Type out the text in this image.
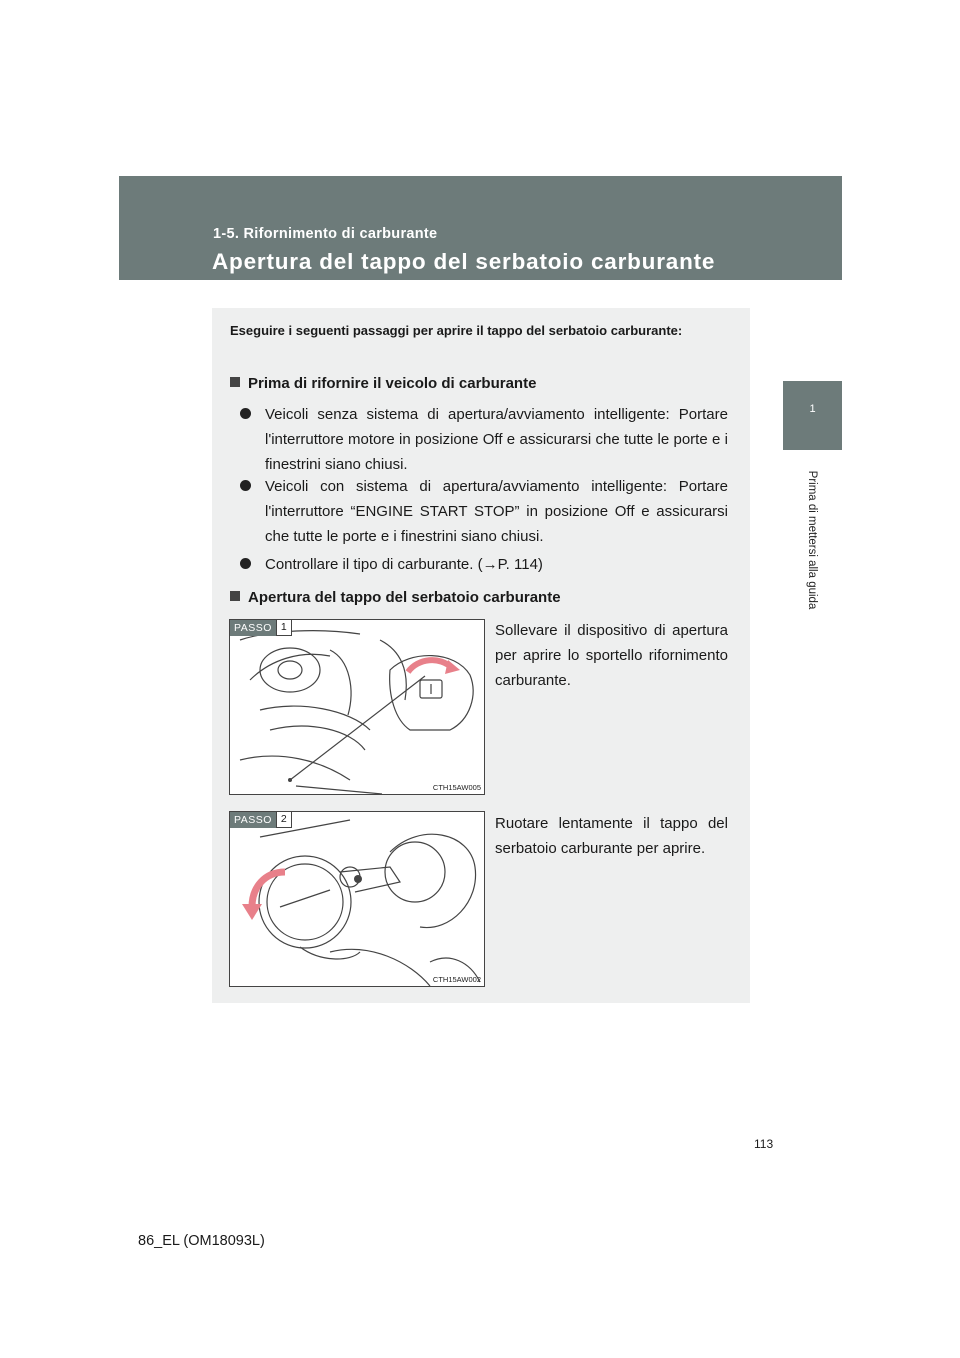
1-5. Rifornimento di carburante
Apertura del tappo del serbatoio carburante
1
Prima di mettersi alla guida

Eseguire i seguenti passaggi per aprire il tappo del serbatoio carburante:

Prima di rifornire il veicolo di carburante

Veicoli senza sistema di apertura/avviamento intelligente: Portare l'interruttore motore in posizione Off e assicurarsi che tutte le porte e i finestrini siano chiusi.

Veicoli con sistema di apertura/avviamento intelligente: Portare l'interruttore “ENGINE START STOP” in posizione Off e assicurarsi che tutte le porte e i finestrini siano chiusi.

Controllare il tipo di carburante. (→P. 114)

Apertura del tappo del serbatoio carburante

PASSO 1
CTH15AW005

Sollevare il dispositivo di apertura per aprire lo sportello rifornimento carburante.

PASSO 2
CTH15AW002

Ruotare lentamente il tappo del serbatoio carburante per aprire.

113
86_EL (OM18093L)
